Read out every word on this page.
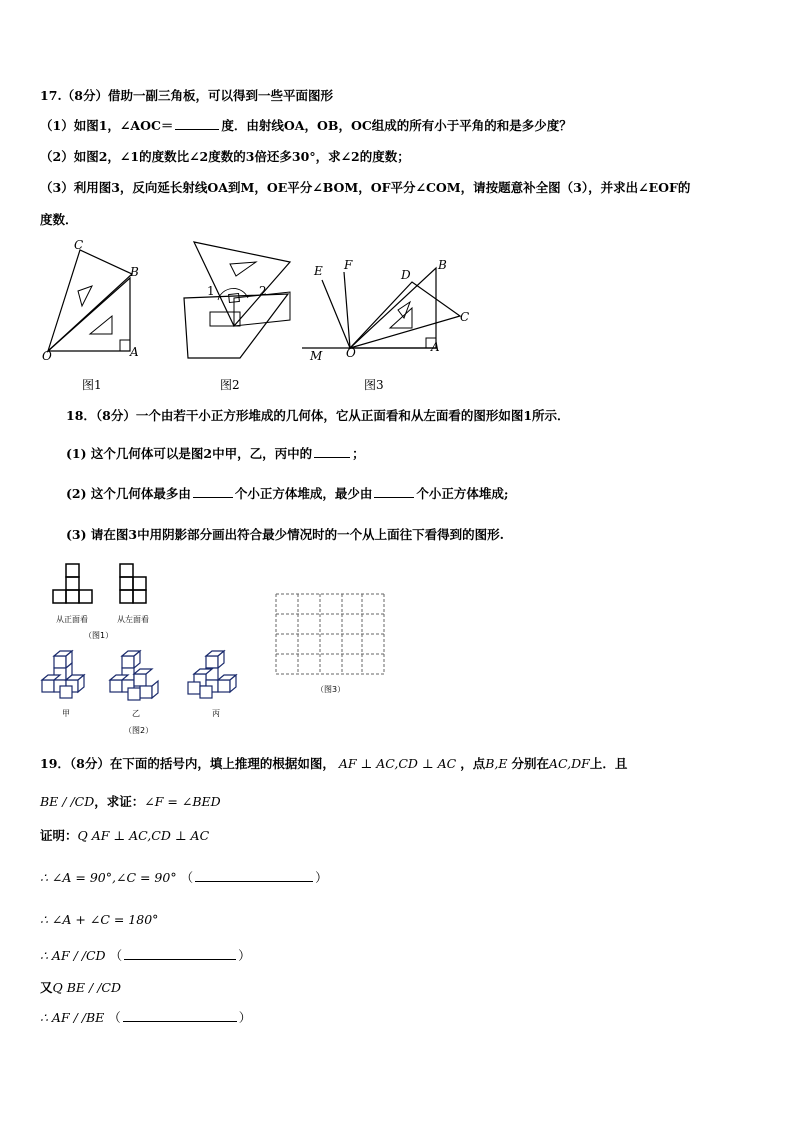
17.（8分）借助一副三角板，可以得到一些平面图形
（1）如图1，∠AOC＝	度．由射线OA，OB，OC组成的所有小于平角的和是多少度？
（2）如图2，∠1的度数比∠2度数的3倍还多30°，求∠2的度数；
（3）利用图3，反向延长射线OA到M，OE平分∠BOM，OF平分∠COM，请按题意补全图（3），并求出∠EOF的
度数．
C
B
O	A
图1
1	2
图2
E F
D
B
C
M O	A
图3
18．（8分）一个由若干小正方形堆成的几何体，它从正面看和从左面看的图形如图1所示．
(1) 这个几何体可以是图2中甲，乙，丙中的	；
(2) 这个几何体最多由	个小正方体堆成，最少由	个小正方体堆成;
(3) 请在图3中用阴影部分画出符合最少情况时的一个从上面往下看得到的图形.
从正面看	从左面看
（图1）
甲	乙	丙
（图2）
（图3）
19．（8分）在下面的括号内，填上推理的根据如图， AF ⊥ AC,CD ⊥ AC ，点B,E 分别在AC,DF上．且
BE / /CD，求证：∠F = ∠BED
证明：Q AF ⊥ AC,CD ⊥ AC
∴ ∠A = 90°,∠C = 90° （	）
∴ ∠A + ∠C = 180°
∴ AF / /CD （	）
又Q BE / /CD
∴ AF / /BE （	）
